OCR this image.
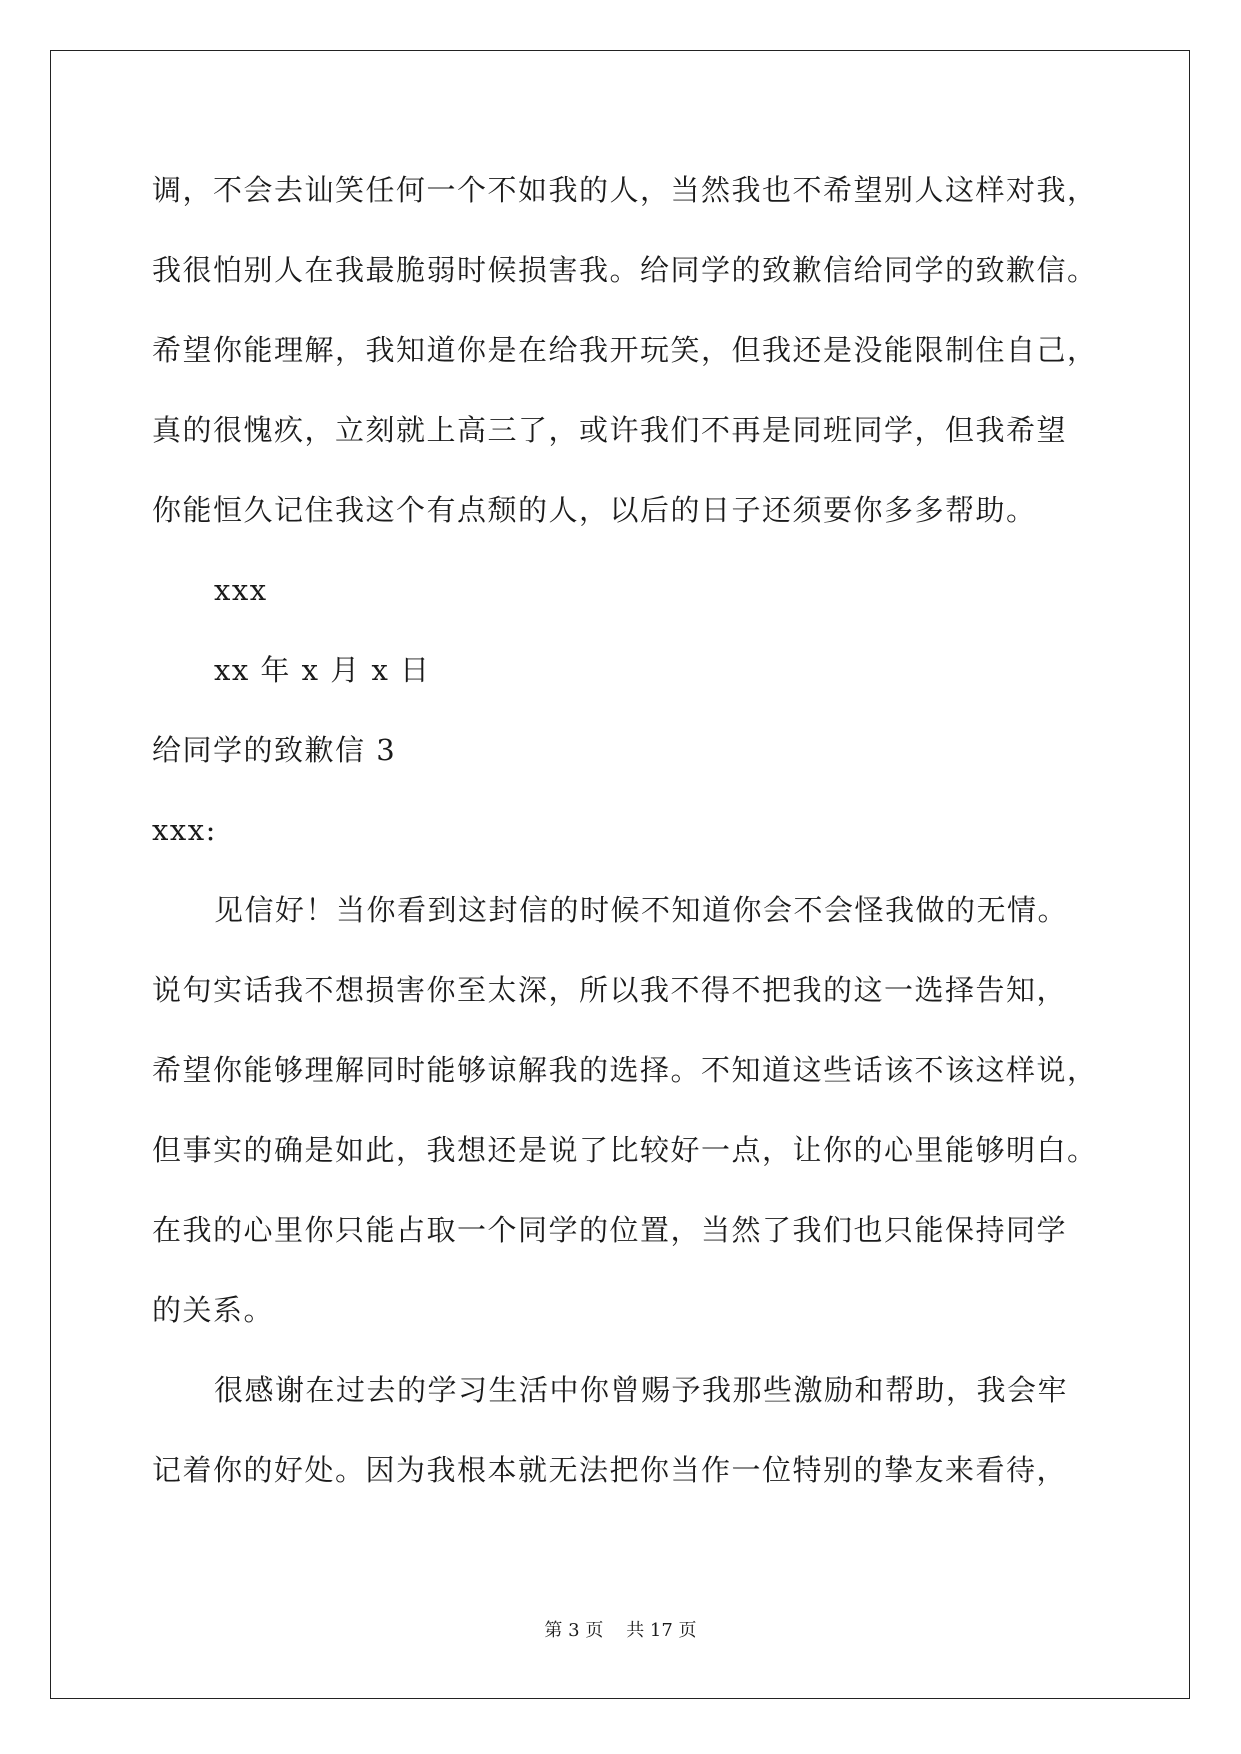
调，不会去讪笑任何一个不如我的人，当然我也不希望别人这样对我，
我很怕别人在我最脆弱时候损害我。给同学的致歉信给同学的致歉信。
希望你能理解，我知道你是在给我开玩笑，但我还是没能限制住自己，
真的很愧疚，立刻就上高三了，或许我们不再是同班同学，但我希望
你能恒久记住我这个有点颓的人，以后的日子还须要你多多帮助。
xxx
xx 年 x 月 x 日
给同学的致歉信 3
xxx:
见信好！当你看到这封信的时候不知道你会不会怪我做的无情。
说句实话我不想损害你至太深，所以我不得不把我的这一选择告知，
希望你能够理解同时能够谅解我的选择。不知道这些话该不该这样说，
但事实的确是如此，我想还是说了比较好一点，让你的心里能够明白。
在我的心里你只能占取一个同学的位置，当然了我们也只能保持同学
的关系。
很感谢在过去的学习生活中你曾赐予我那些激励和帮助，我会牢
记着你的好处。因为我根本就无法把你当作一位特别的挚友来看待，
第 3 页    共 17 页
